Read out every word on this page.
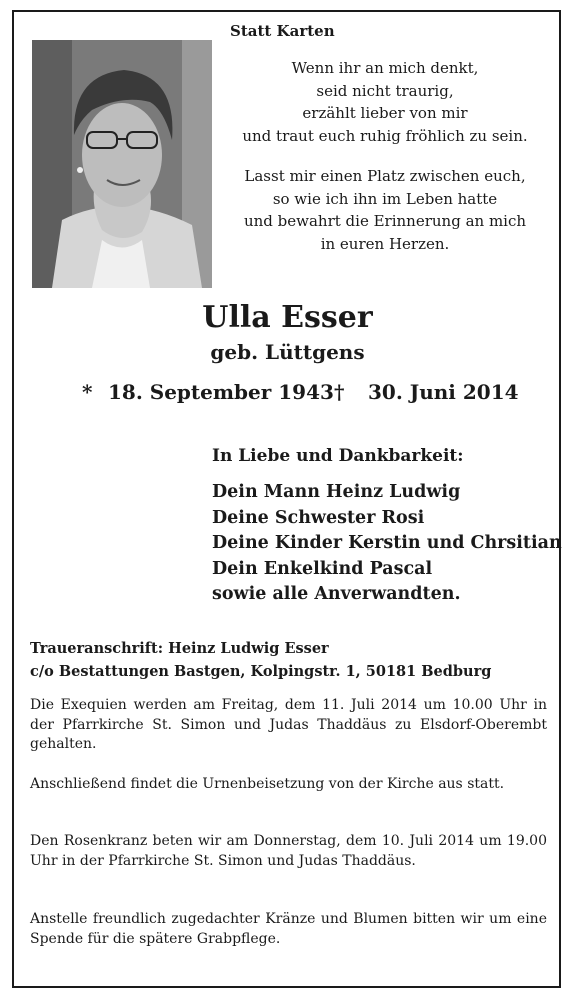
Statt Karten
Wenn ihr an mich denkt,
seid nicht traurig,
erzählt lieber von mir
und traut euch ruhig fröhlich zu sein.
Lasst mir einen Platz zwischen euch,
so wie ich ihn im Leben hatte
und bewahrt die Erinnerung an mich
in euren Herzen.
Ulla Esser
geb. Lüttgens
* 18. September 1943 † 30. Juni 2014
In Liebe und Dankbarkeit:
Dein Mann Heinz Ludwig
Deine Schwester Rosi
Deine Kinder Kerstin und Chrsitian
Dein Enkelkind Pascal
sowie alle Anverwandten.
Traueranschrift: Heinz Ludwig Esser
c/o Bestattungen Bastgen, Kolpingstr. 1, 50181 Bedburg

Die Exequien werden am Freitag, dem 11. Juli 2014 um 10.00 Uhr in der Pfarrkirche St. Simon und Judas Thaddäus zu Elsdorf-Oberembt gehalten.

Anschließend findet die Urnenbeisetzung von der Kirche aus statt.

Den Rosenkranz beten wir am Donnerstag, dem 10. Juli 2014 um 19.00 Uhr in der Pfarrkirche St. Simon und Judas Thaddäus.

Anstelle freundlich zugedachter Kränze und Blumen bitten wir um eine Spende für die spätere Grabpflege.
